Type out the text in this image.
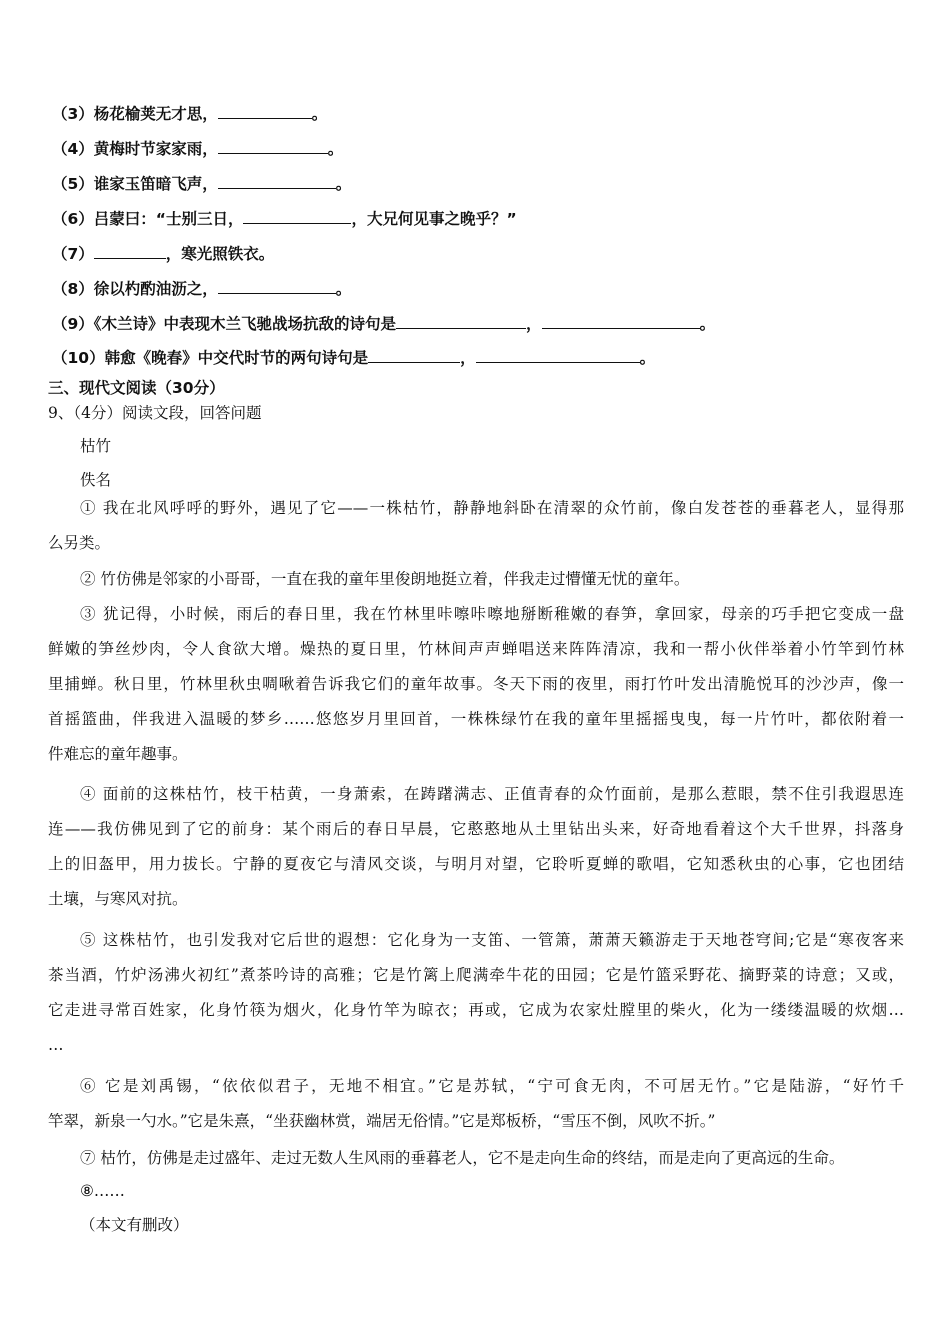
（3）杨花榆荚无才思，	。
（4）黄梅时节家家雨，	。
（5）谁家玉笛暗飞声，	。
（6）吕蒙曰：“士别三日，	，大兄何见事之晚乎？”
（7）	，寒光照铁衣。
（8）徐以杓酌油沥之，	。
（9）《木兰诗》中表现木兰飞驰战场抗敌的诗句是	，	。
（10）韩愈《晚春》中交代时节的两句诗句是	，	。
三、现代文阅读（30分）
9、（4分）阅读文段，回答问题
枯竹
佚名
① 我在北风呼呼的野外，遇见了它——一株枯竹，静静地斜卧在清翠的众竹前，像白发苍苍的垂暮老人，显得那
么另类。
② 竹仿佛是邻家的小哥哥，一直在我的童年里俊朗地挺立着，伴我走过懵懂无忧的童年。
③ 犹记得，小时候，雨后的春日里，我在竹林里咔嚓咔嚓地掰断稚嫩的春笋，拿回家，母亲的巧手把它变成一盘
鲜嫩的笋丝炒肉，令人食欲大增。燥热的夏日里，竹林间声声蝉唱送来阵阵清凉，我和一帮小伙伴举着小竹竿到竹林
里捕蝉。秋日里，竹林里秋虫啁啾着告诉我它们的童年故事。冬天下雨的夜里，雨打竹叶发出清脆悦耳的沙沙声，像一
首摇篮曲，伴我进入温暖的梦乡……悠悠岁月里回首，一株株绿竹在我的童年里摇摇曳曳，每一片竹叶，都依附着一
件难忘的童年趣事。
④ 面前的这株枯竹，枝干枯黄，一身萧索，在踌躇满志、正值青春的众竹面前，是那么惹眼，禁不住引我遐思连
连——我仿佛见到了它的前身：某个雨后的春日早晨，它憨憨地从土里钻出头来，好奇地看着这个大千世界，抖落身
上的旧盔甲，用力拔长。宁静的夏夜它与清风交谈，与明月对望，它聆听夏蝉的歌唱，它知悉秋虫的心事，它也团结
土壤，与寒风对抗。
⑤ 这株枯竹，也引发我对它后世的遐想：它化身为一支笛、一管箫，萧萧天籁游走于天地苍穹间;它是“寒夜客来
茶当酒，竹炉汤沸火初红”煮茶吟诗的高雅；它是竹篱上爬满牵牛花的田园；它是竹篮采野花、摘野菜的诗意；又或，
它走进寻常百姓家，化身竹筷为烟火，化身竹竿为晾衣；再或，它成为农家灶膛里的柴火，化为一缕缕温暖的炊烟…
…
⑥ 它是刘禹锡，“依依似君子，无地不相宜。”它是苏轼，“宁可食无肉，不可居无竹。”它是陆游，“好竹千
竿翠，新泉一勺水。”它是朱熹，“坐获幽林赏，端居无俗情。”它是郑板桥，“雪压不倒，风吹不折。”
⑦ 枯竹，仿佛是走过盛年、走过无数人生风雨的垂暮老人，它不是走向生命的终结，而是走向了更高远的生命。
⑧……
（本文有删改）
